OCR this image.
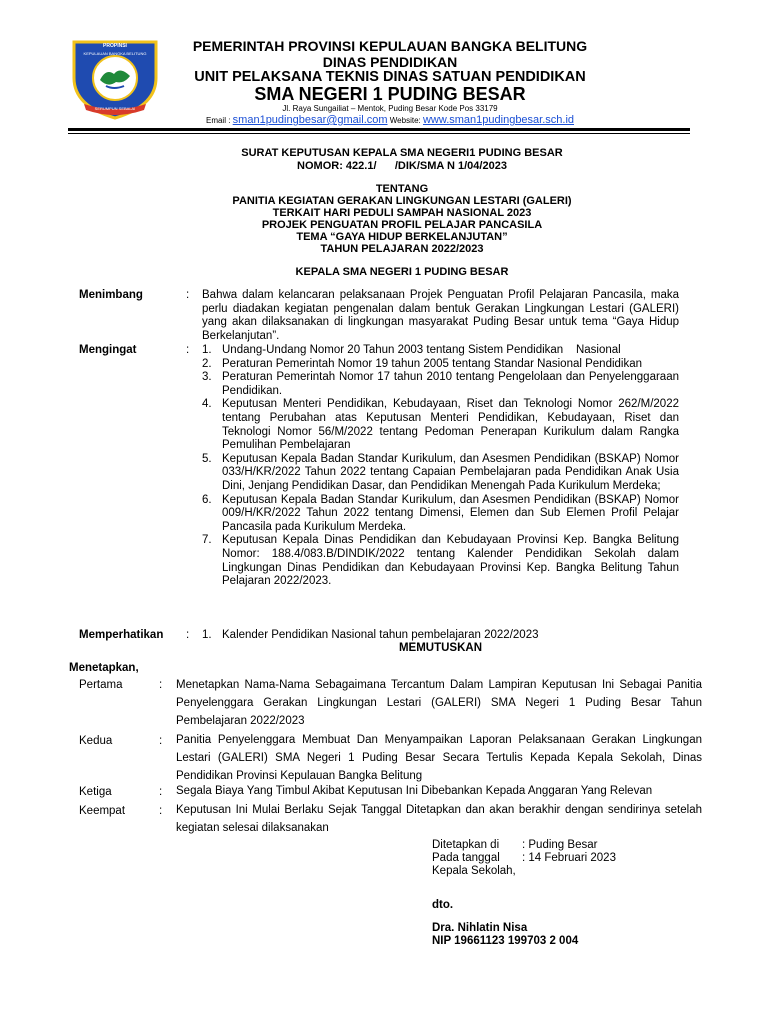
PROPINSI
KEPULAUAN BANGKA BELITUNG
SERUMPUN SEBALAI
PEMERINTAH PROVINSI KEPULAUAN BANGKA BELITUNG
DINAS PENDIDIKAN
UNIT PELAKSANA TEKNIS DINAS SATUAN PENDIDIKAN
SMA NEGERI 1 PUDING BESAR
Jl. Raya Sungailiat – Mentok, Puding Besar Kode Pos 33179
Email : sman1pudingbesar@gmail.com Website: www.sman1pudingbesar.sch.id
SURAT KEPUTUSAN KEPALA SMA NEGERI1 PUDING BESAR
NOMOR: 422.1/      /DIK/SMA N 1/04/2023
TENTANG
PANITIA KEGIATAN GERAKAN LINGKUNGAN LESTARI (GALERI)
TERKAIT HARI PEDULI SAMPAH NASIONAL 2023
PROJEK PENGUATAN PROFIL PELAJAR PANCASILA
TEMA “GAYA HIDUP BERKELANJUTAN”
TAHUN PELAJARAN 2022/2023
KEPALA SMA NEGERI 1 PUDING BESAR
Menimbang	: Bahwa dalam kelancaran pelaksanaan Projek Penguatan Profil Pelajaran Pancasila, maka perlu diadakan kegiatan pengenalan dalam bentuk Gerakan Lingkungan Lestari (GALERI) yang akan dilaksanakan di lingkungan masyarakat Puding Besar untuk tema “Gaya Hidup Berkelanjutan”.
Mengingat	: 1. Undang-Undang Nomor 20 Tahun 2003 tentang Sistem Pendidikan    Nasional
2. Peraturan Pemerintah Nomor 19 tahun 2005 tentang Standar Nasional Pendidikan
3. Peraturan Pemerintah Nomor 17 tahun 2010 tentang Pengelolaan dan Penyelenggaraan Pendidikan.
4. Keputusan Menteri Pendidikan, Kebudayaan, Riset dan Teknologi Nomor 262/M/2022 tentang Perubahan atas Keputusan Menteri Pendidikan, Kebudayaan, Riset dan Teknologi Nomor 56/M/2022 tentang Pedoman Penerapan Kurikulum dalam Rangka Pemulihan Pembelajaran
5. Keputusan Kepala Badan Standar Kurikulum, dan Asesmen Pendidikan (BSKAP) Nomor 033/H/KR/2022 Tahun 2022 tentang Capaian Pembelajaran pada Pendidikan Anak Usia Dini, Jenjang Pendidikan Dasar, dan Pendidikan Menengah Pada Kurikulum Merdeka;
6. Keputusan Kepala Badan Standar Kurikulum, dan Asesmen Pendidikan (BSKAP) Nomor 009/H/KR/2022 Tahun 2022 tentang Dimensi, Elemen dan Sub Elemen Profil Pelajar Pancasila pada Kurikulum Merdeka.
7. Keputusan Kepala Dinas Pendidikan dan Kebudayaan Provinsi Kep. Bangka Belitung Nomor: 188.4/083.B/DINDIK/2022 tentang Kalender Pendidikan Sekolah dalam Lingkungan Dinas Pendidikan dan Kebudayaan Provinsi Kep. Bangka Belitung Tahun Pelajaran 2022/2023.
Memperhatikan : 1. Kalender Pendidikan Nasional tahun pembelajaran 2022/2023
MEMUTUSKAN
Menetapkan,
Pertama	: Menetapkan Nama-Nama Sebagaimana Tercantum Dalam Lampiran Keputusan Ini Sebagai Panitia Penyelenggara Gerakan Lingkungan Lestari (GALERI) SMA Negeri 1 Puding Besar Tahun Pembelajaran 2022/2023
Kedua	: Panitia Penyelenggara Membuat Dan Menyampaikan Laporan Pelaksanaan Gerakan Lingkungan Lestari (GALERI) SMA Negeri 1 Puding Besar Secara Tertulis Kepada Kepala Sekolah, Dinas Pendidikan Provinsi Kepulauan Bangka Belitung
Ketiga	: Segala Biaya Yang Timbul Akibat Keputusan Ini Dibebankan Kepada Anggaran Yang Relevan
Keempat	: Keputusan Ini Mulai Berlaku Sejak Tanggal Ditetapkan dan akan berakhir dengan sendirinya setelah kegiatan selesai dilaksanakan
Ditetapkan di : Puding Besar
Pada tanggal : 14 Februari 2023
Kepala Sekolah,
dto.
Dra. Nihlatin Nisa
NIP 19661123 199703 2 004
